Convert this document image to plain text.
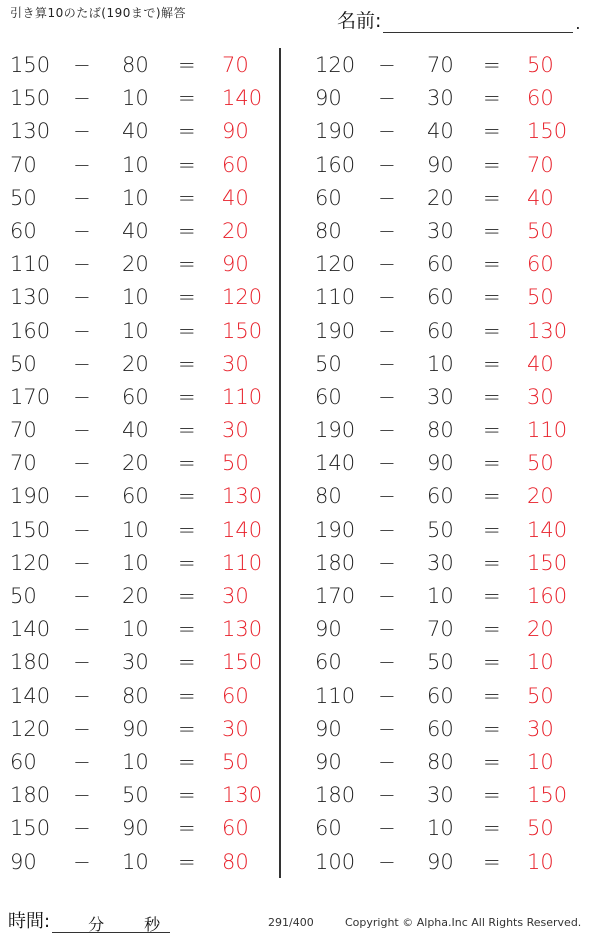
引き算10のたば(190まで)解答	名前:	.
150 − 80 = 70
150 − 10 = 140
130 − 40 = 90
70 − 10 = 60
50 − 10 = 40
60 − 40 = 20
110 − 20 = 90
130 − 10 = 120
160 − 10 = 150
50 − 20 = 30
170 − 60 = 110
70 − 40 = 30
70 − 20 = 50
190 − 60 = 130
150 − 10 = 140
120 − 10 = 110
50 − 20 = 30
140 − 10 = 130
180 − 30 = 150
140 − 80 = 60
120 − 90 = 30
60 − 10 = 50
180 − 50 = 130
150 − 90 = 60
90 − 10 = 80
120 − 70 = 50
90 − 30 = 60
190 − 40 = 150
160 − 90 = 70
60 − 20 = 40
80 − 30 = 50
120 − 60 = 60
110 − 60 = 50
190 − 60 = 130
50 − 10 = 40
60 − 30 = 30
190 − 80 = 110
140 − 90 = 50
80 − 60 = 20
190 − 50 = 140
180 − 30 = 150
170 − 10 = 160
90 − 70 = 20
60 − 50 = 10
110 − 60 = 50
90 − 60 = 30
90 − 80 = 10
180 − 30 = 150
60 − 10 = 50
100 − 90 = 10
時間: 分 秒	291/400	Copyright © Alpha.Inc All Rights Reserved.
